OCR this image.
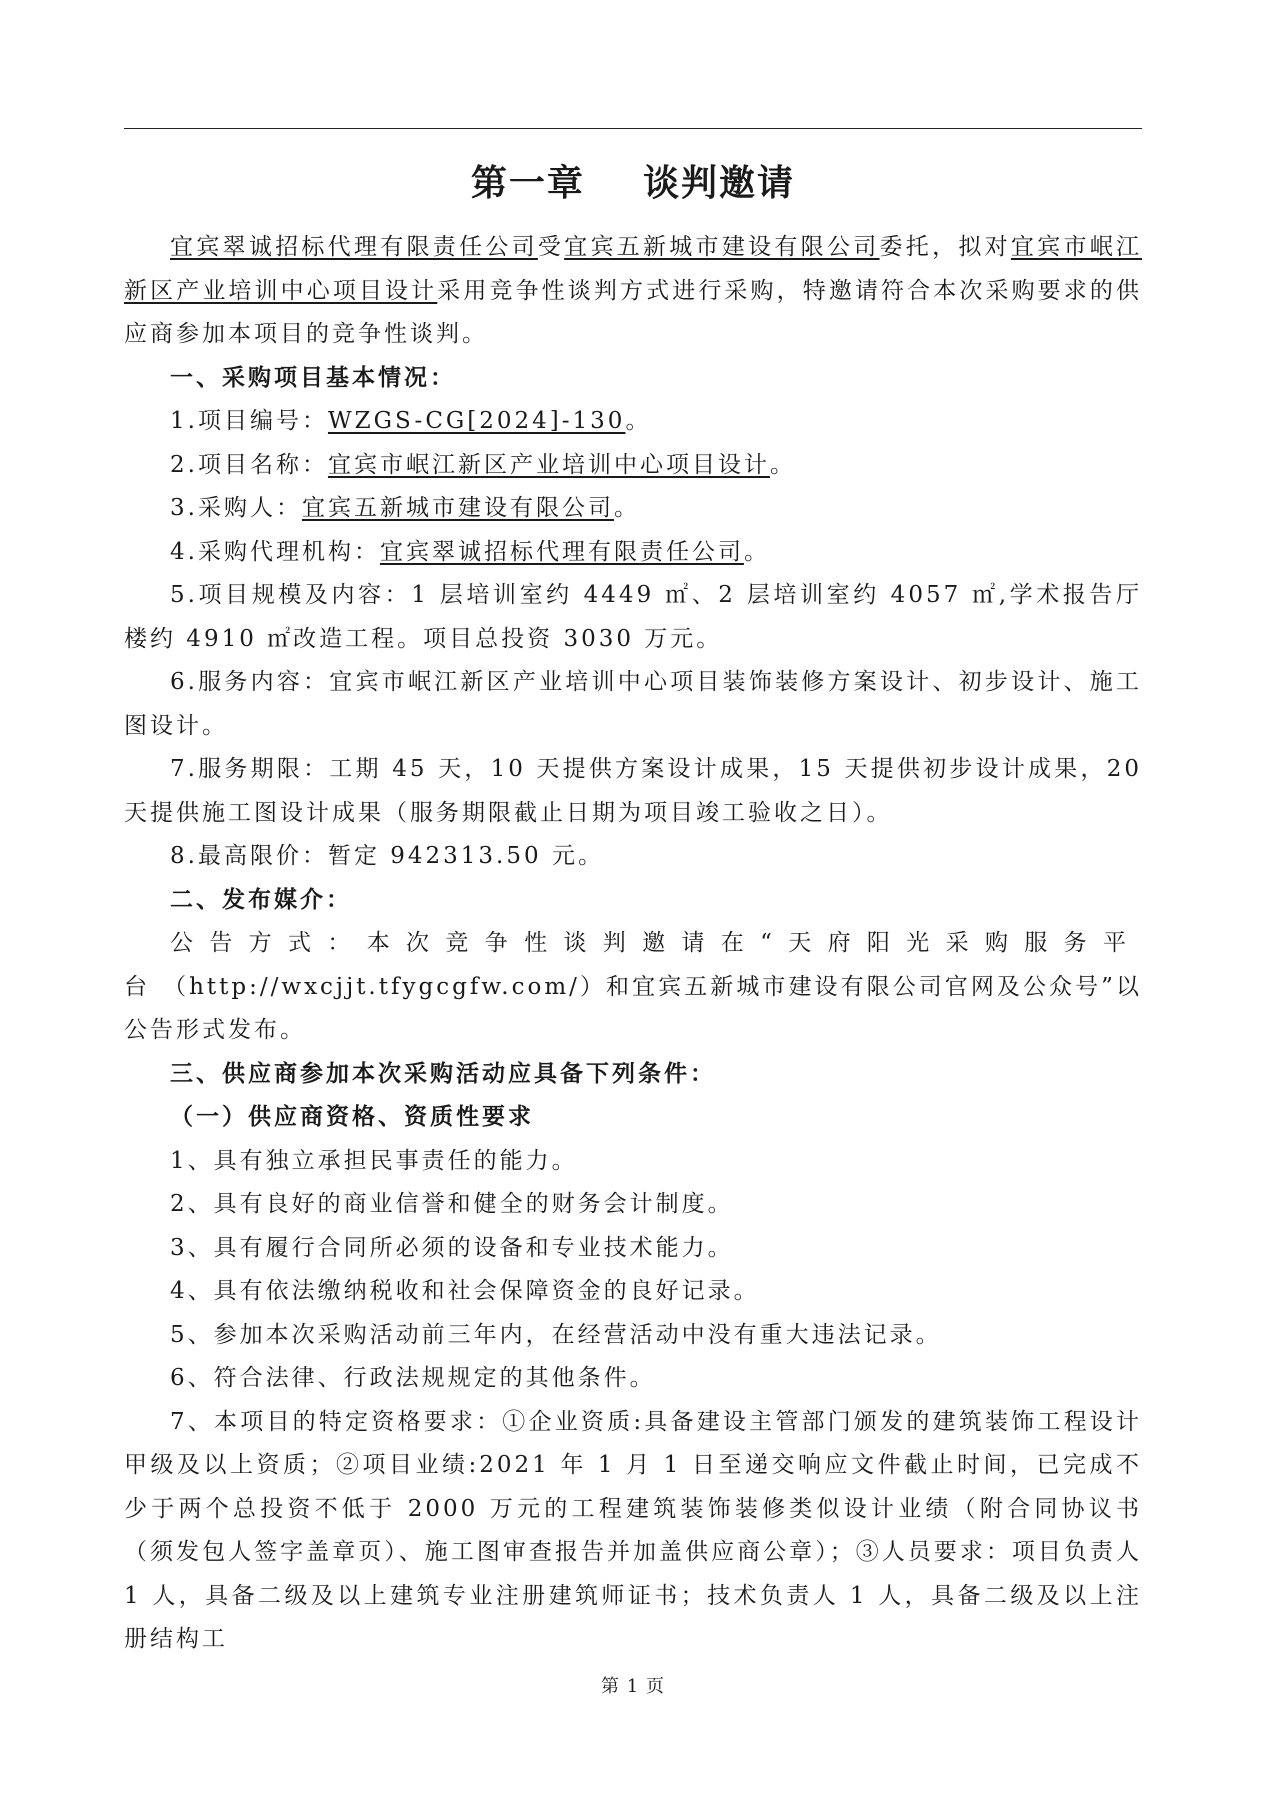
第一章    谈判邀请

宜宾翠诚招标代理有限责任公司受宜宾五新城市建设有限公司委托，拟对宜宾市岷江新区产业培训中心项目设计采用竞争性谈判方式进行采购，特邀请符合本次采购要求的供应商参加本项目的竞争性谈判。

一、采购项目基本情况：

1.项目编号：WZGS-CG[2024]-130。

2.项目名称：宜宾市岷江新区产业培训中心项目设计。

3.采购人：宜宾五新城市建设有限公司。

4.采购代理机构：宜宾翠诚招标代理有限责任公司。

5.项目规模及内容：1 层培训室约 4449 ㎡、2 层培训室约 4057 ㎡,学术报告厅楼约 4910 ㎡改造工程。项目总投资 3030 万元。

6.服务内容：宜宾市岷江新区产业培训中心项目装饰装修方案设计、初步设计、施工图设计。

7.服务期限：工期 45 天，10 天提供方案设计成果，15 天提供初步设计成果，20 天提供施工图设计成果（服务期限截止日期为项目竣工验收之日）。

8.最高限价：暂定 942313.50 元。

二、发布媒介：

公告方式：本次竞争性谈判邀请在“天府阳光采购服务平台（http://wxcjjt.tfygcgfw.com/）和宜宾五新城市建设有限公司官网及公众号”以公告形式发布。

三、供应商参加本次采购活动应具备下列条件：

（一）供应商资格、资质性要求

1、具有独立承担民事责任的能力。

2、具有良好的商业信誉和健全的财务会计制度。

3、具有履行合同所必须的设备和专业技术能力。

4、具有依法缴纳税收和社会保障资金的良好记录。

5、参加本次采购活动前三年内，在经营活动中没有重大违法记录。

6、符合法律、行政法规规定的其他条件。

7、本项目的特定资格要求：①企业资质:具备建设主管部门颁发的建筑装饰工程设计甲级及以上资质；②项目业绩:2021 年 1 月 1 日至递交响应文件截止时间，已完成不少于两个总投资不低于 2000 万元的工程建筑装饰装修类似设计业绩（附合同协议书（须发包人签字盖章页）、施工图审查报告并加盖供应商公章）；③人员要求：项目负责人 1 人，具备二级及以上建筑专业注册建筑师证书；技术负责人 1 人，具备二级及以上注册结构工

第 1 页
